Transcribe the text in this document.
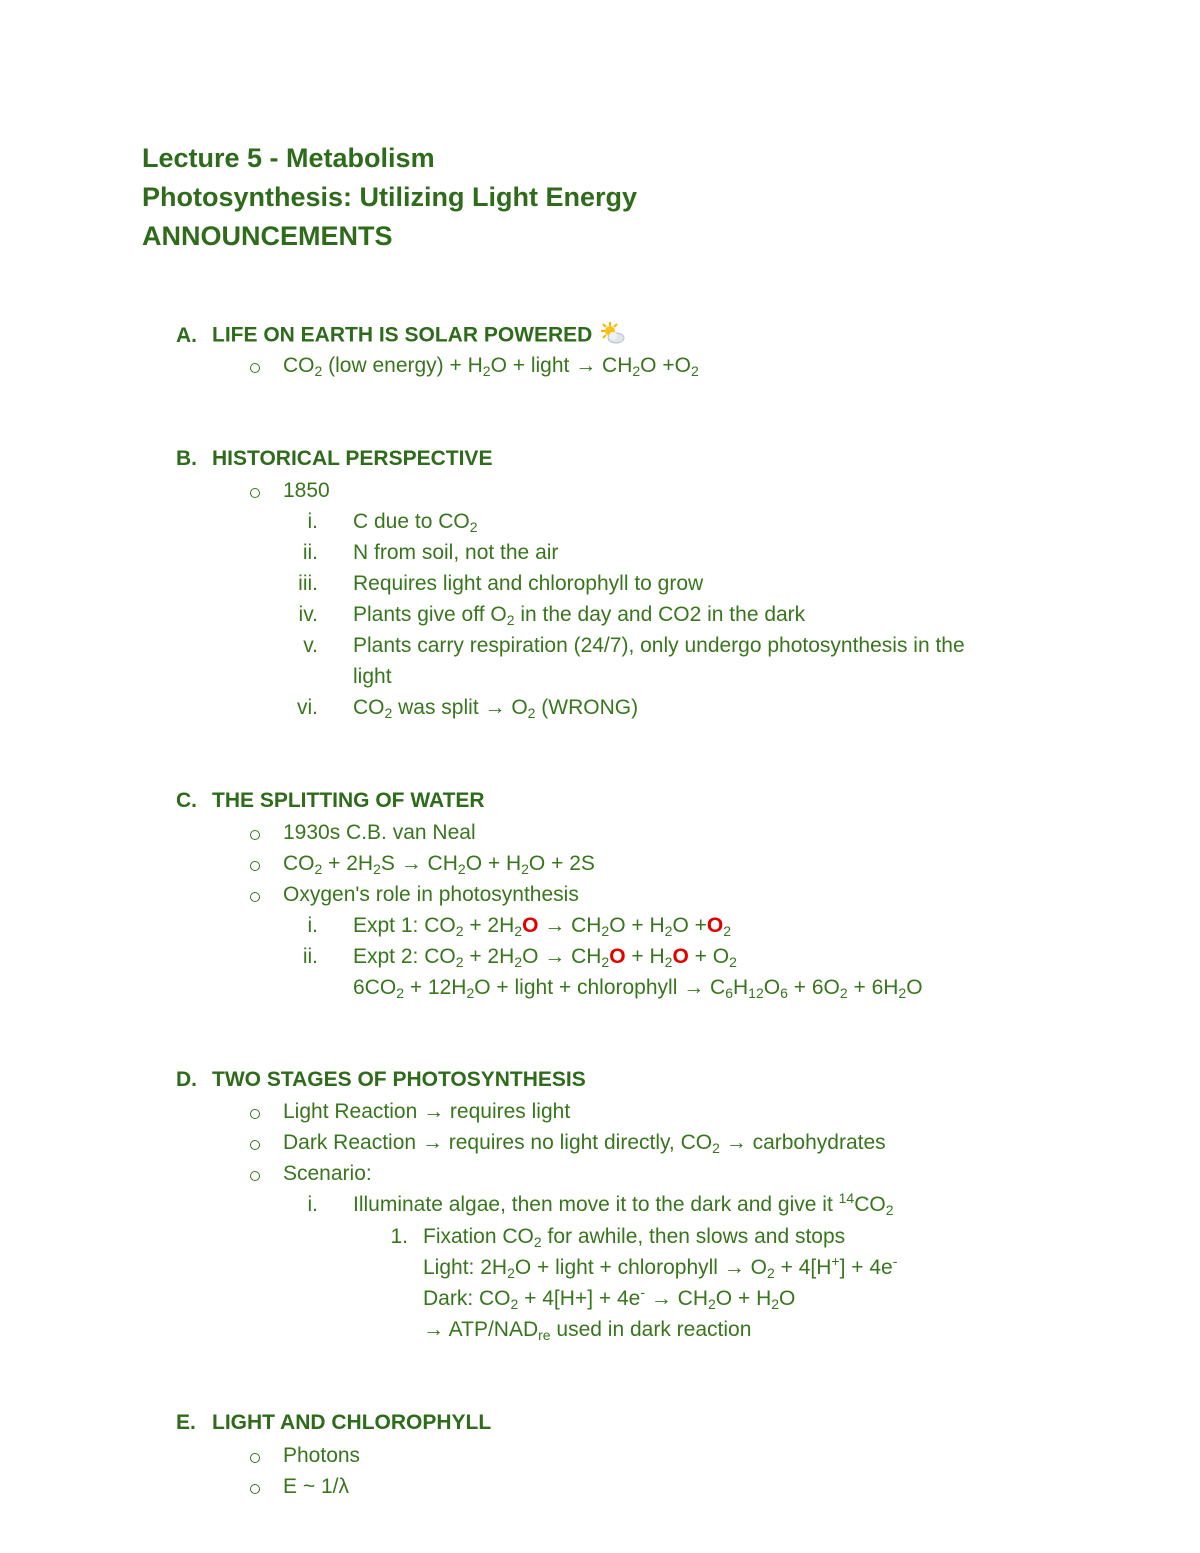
Lecture 5 - Metabolism
Photosynthesis: Utilizing Light Energy
ANNOUNCEMENTS
A. LIFE ON EARTH IS SOLAR POWERED
$CO_2$ (low energy) + $H_2O$ + light → $CH_2O +O_2$
B. HISTORICAL PERSPECTIVE
1850
i. C due to $CO_2$
ii. N from soil, not the air
iii. Requires light and chlorophyll to grow
iv. Plants give off $O_2$ in the day and CO2 in the dark
v. Plants carry respiration (24/7), only undergo photosynthesis in the
light
vi. $CO_2$ was split → $O_2$ (WRONG)
C. THE SPLITTING OF WATER
1930s C.B. van Neal
$CO_2 + 2H_2S \to CH_2O + H_2O + 2S$
Oxygen's role in photosynthesis
i. Expt 1: $CO_2 + 2H_2O \to CH_2O + H_2O +O_2$
ii. Expt 2: $CO_2 + 2H_2O \to CH_2O + H_2O + O_2$
$6CO_2 + 12H_2O$ + light + chlorophyll → $C_6H_{12}O_6 + 6O_2 + 6H_2O$
D. TWO STAGES OF PHOTOSYNTHESIS
Light Reaction → requires light
Dark Reaction → requires no light directly, $CO_2$ → carbohydrates
Scenario:
i. Illuminate algae, then move it to the dark and give it $^{14}CO_2$
1. Fixation $CO_2$ for awhile, then slows and stops
Light: $2H_2O$ + light + chlorophyll → $O_2 + 4[H^+] + 4e^-$
Dark: $CO_2 + 4[H+] + 4e^- \to CH_2O + H_2O$
→ ATP/$NAD_{re}$ used in dark reaction
E. LIGHT AND CHLOROPHYLL
Photons
E ~ 1/λ
